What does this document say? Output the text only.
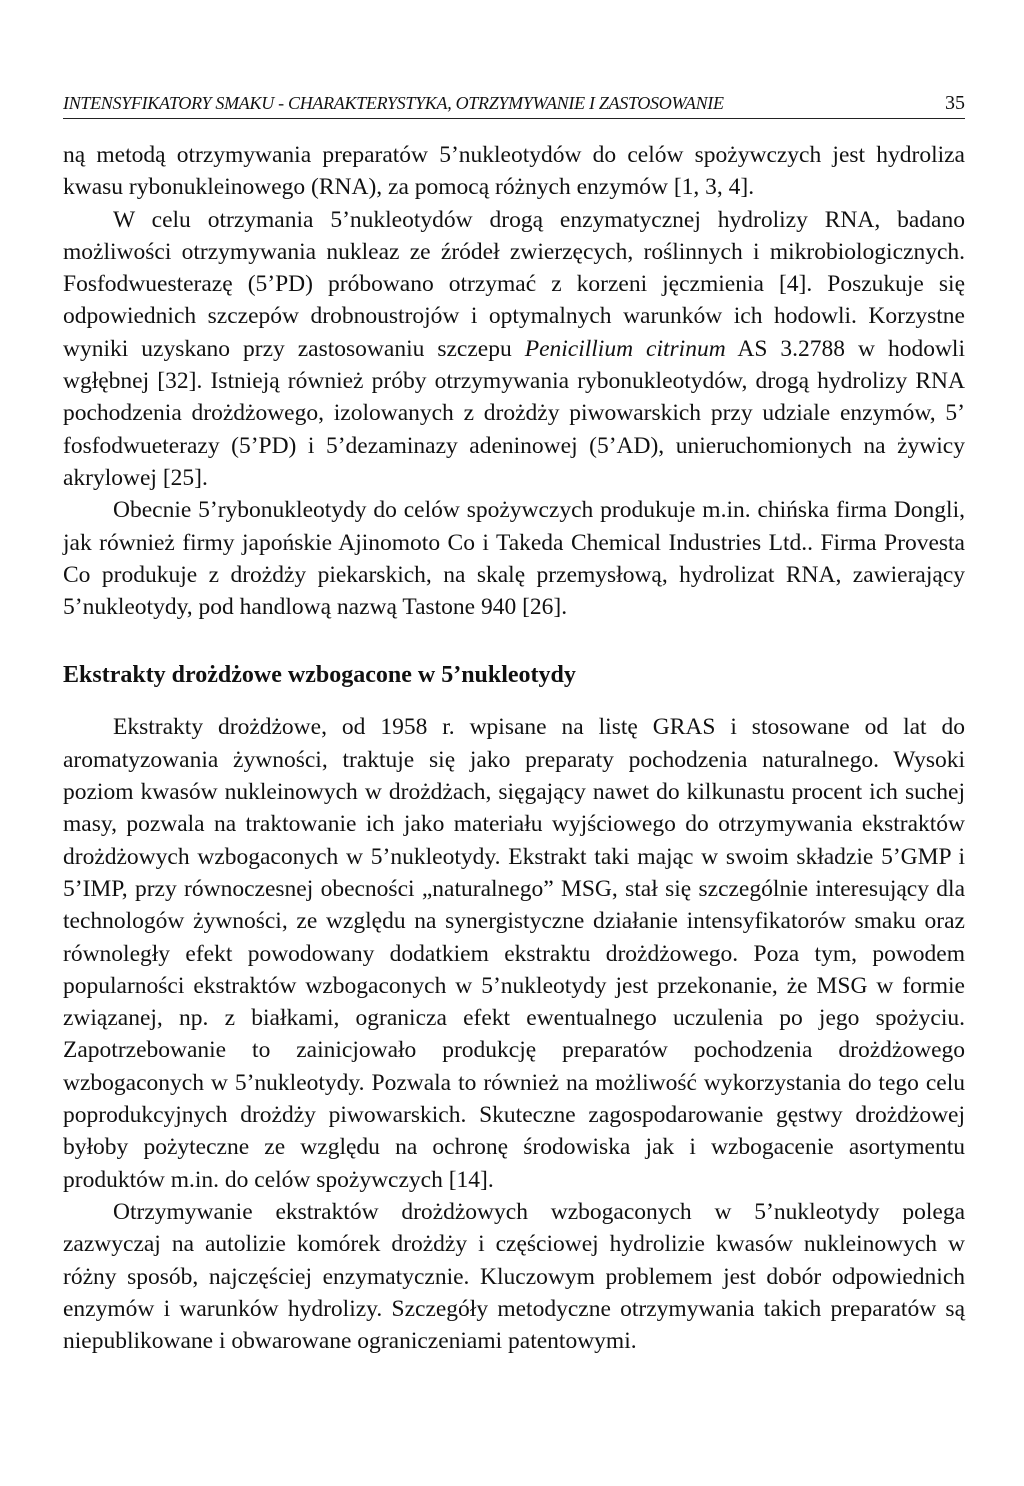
INTENSYFIKATORY SMAKU - CHARAKTERYSTYKA, OTRZYMYWANIE I ZASTOSOWANIE	35

ną metodą otrzymywania preparatów 5’nukleotydów do celów spożywczych jest hydroliza kwasu rybonukleinowego (RNA), za pomocą różnych enzymów [1, 3, 4].

W celu otrzymania 5’nukleotydów drogą enzymatycznej hydrolizy RNA, badano możliwości otrzymywania nukleaz ze źródeł zwierzęcych, roślinnych i mikrobiologicznych. Fosfodwuesterazę (5’PD) próbowano otrzymać z korzeni jęczmienia [4]. Poszukuje się odpowiednich szczepów drobnoustrojów i optymalnych warunków ich hodowli. Korzystne wyniki uzyskano przy zastosowaniu szczepu Penicillium citrinum AS 3.2788 w hodowli wgłębnej [32]. Istnieją również próby otrzymywania rybonukleotydów, drogą hydrolizy RNA pochodzenia drożdżowego, izolowanych z drożdży piwowarskich przy udziale enzymów, 5’ fosfodwueterazy (5’PD) i 5’dezaminazy adeninowej (5’AD), unieruchomionych na żywicy akrylowej [25].

Obecnie 5’rybonukleotydy do celów spożywczych produkuje m.in. chińska firma Dongli, jak również firmy japońskie Ajinomoto Co i Takeda Chemical Industries Ltd.. Firma Provesta Co produkuje z drożdży piekarskich, na skalę przemysłową, hydrolizat RNA, zawierający 5’nukleotydy, pod handlową nazwą Tastone 940 [26].

Ekstrakty drożdżowe wzbogacone w 5’nukleotydy

Ekstrakty drożdżowe, od 1958 r. wpisane na listę GRAS i stosowane od lat do aromatyzowania żywności, traktuje się jako preparaty pochodzenia naturalnego. Wysoki poziom kwasów nukleinowych w drożdżach, sięgający nawet do kilkunastu procent ich suchej masy, pozwala na traktowanie ich jako materiału wyjściowego do otrzymywania ekstraktów drożdżowych wzbogaconych w 5’nukleotydy. Ekstrakt taki mając w swoim składzie 5’GMP i 5’IMP, przy równoczesnej obecności „naturalnego” MSG, stał się szczególnie interesujący dla technologów żywności, ze względu na synergistyczne działanie intensyfikatorów smaku oraz równoległy efekt powodowany dodatkiem ekstraktu drożdżowego. Poza tym, powodem popularności ekstraktów wzbogaconych w 5’nukleotydy jest przekonanie, że MSG w formie związanej, np. z białkami, ogranicza efekt ewentualnego uczulenia po jego spożyciu. Zapotrzebowanie to zainicjowało produkcję preparatów pochodzenia drożdżowego wzbogaconych w 5’nukleotydy. Pozwala to również na możliwość wykorzystania do tego celu poprodukcyjnych drożdży piwowarskich. Skuteczne zagospodarowanie gęstwy drożdżowej byłoby pożyteczne ze względu na ochronę środowiska jak i wzbogacenie asortymentu produktów m.in. do celów spożywczych [14].

Otrzymywanie ekstraktów drożdżowych wzbogaconych w 5’nukleotydy polega zazwyczaj na autolizie komórek drożdży i częściowej hydrolizie kwasów nukleinowych w różny sposób, najczęściej enzymatycznie. Kluczowym problemem jest dobór odpowiednich enzymów i warunków hydrolizy. Szczegóły metodyczne otrzymywania takich preparatów są niepublikowane i obwarowane ograniczeniami patentowymi.
